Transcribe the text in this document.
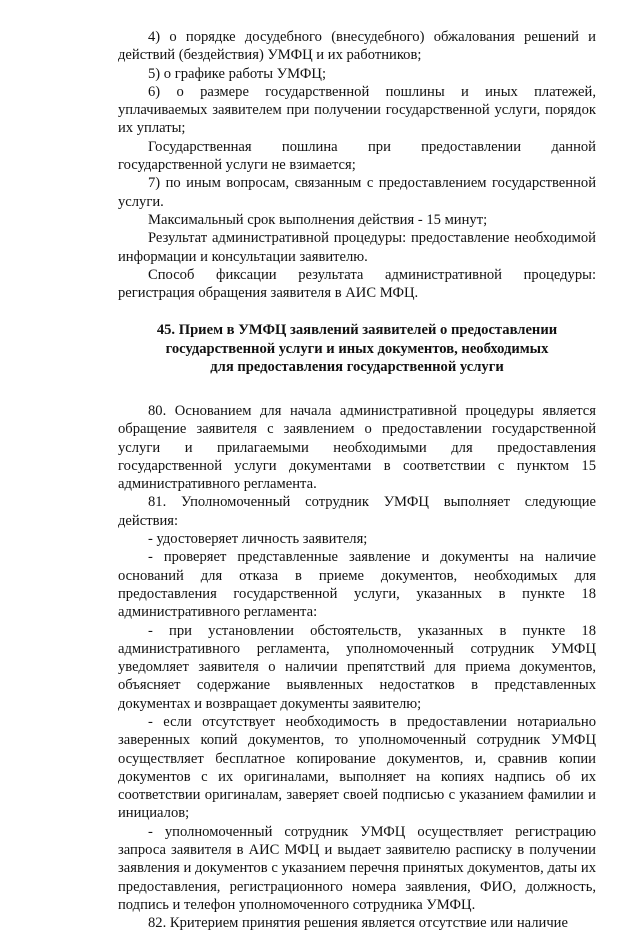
4) о порядке досудебного (внесудебного) обжалования решений и действий (бездействия) УМФЦ и их работников;

5) о графике работы УМФЦ;

6) о размере государственной пошлины и иных платежей, уплачиваемых заявителем при получении государственной услуги, порядок их уплаты;

Государственная пошлина при предоставлении данной государственной услуги не взимается;

7) по иным вопросам, связанным с предоставлением государственной услуги.

Максимальный срок выполнения действия - 15 минут;

Результат административной процедуры: предоставление необходимой информации и консультации заявителю.

Способ фиксации результата административной процедуры: регистрация обращения заявителя в АИС МФЦ.

45. Прием в УМФЦ заявлений заявителей о предоставлении
государственной услуги и иных документов, необходимых
для предоставления государственной услуги

80. Основанием для начала административной процедуры является обращение заявителя с заявлением о предоставлении государственной услуги и прилагаемыми необходимыми для предоставления государственной услуги документами в соответствии с пунктом 15 административного регламента.

81. Уполномоченный сотрудник УМФЦ выполняет следующие действия:

- удостоверяет личность заявителя;

- проверяет представленные заявление и документы на наличие оснований для отказа в приеме документов, необходимых для предоставления государственной услуги, указанных в пункте 18 административного регламента:

- при установлении обстоятельств, указанных в пункте 18 административного регламента, уполномоченный сотрудник УМФЦ уведомляет заявителя о наличии препятствий для приема документов, объясняет содержание выявленных недостатков в представленных документах и возвращает документы заявителю;

- если отсутствует необходимость в предоставлении нотариально заверенных копий документов, то уполномоченный сотрудник УМФЦ осуществляет бесплатное копирование документов, и, сравнив копии документов с их оригиналами, выполняет на копиях надпись об их соответствии оригиналам, заверяет своей подписью с указанием фамилии и инициалов;

- уполномоченный сотрудник УМФЦ осуществляет регистрацию запроса заявителя в АИС МФЦ и выдает заявителю расписку в получении заявления и документов с указанием перечня принятых документов, даты их предоставления, регистрационного номера заявления, ФИО, должность, подпись и телефон уполномоченного сотрудника УМФЦ.

82. Критерием принятия решения является отсутствие или наличие
